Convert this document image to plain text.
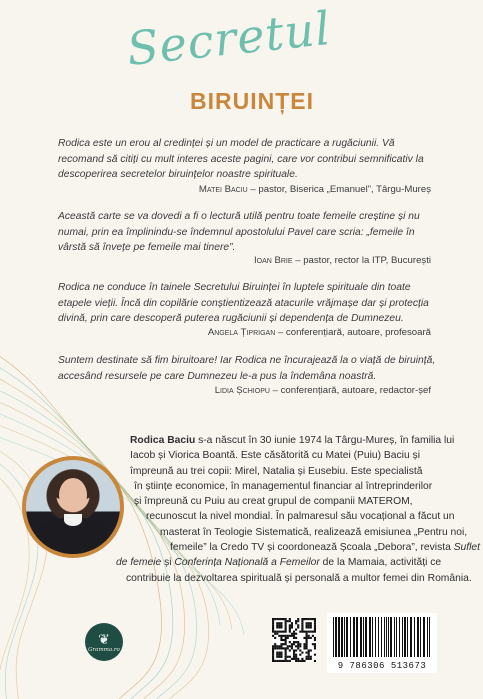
Secretul
BIRUINȚEI

Rodica este un erou al credinței și un model de practicare a rugăciunii. Vă recomand să citiți cu mult interes aceste pagini, care vor contribui semnificativ la descoperirea secretelor biruințelor noastre spirituale.

Matei Baciu – pastor, Biserica „Emanuel”, Târgu-Mureș

Această carte se va dovedi a fi o lectură utilă pentru toate femeile creștine și nu numai, prin ea împlinindu-se îndemnul apostolului Pavel care scria: „femeile în vârstă să învețe pe femeile mai tinere”.

Ioan Brie – pastor, rector la ITP, București

Rodica ne conduce în tainele Secretului Biruinței în luptele spirituale din toate etapele vieții. Încă din copilărie conștientizează atacurile vrăjmașe dar și protecția divină, prin care descoperă puterea rugăciunii și dependența de Dumnezeu.

Angela Țiprigan – conferențiară, autoare, profesoară

Suntem destinate să fim biruitoare! Iar Rodica ne încurajează la o viață de biruință, accesând resursele pe care Dumnezeu le-a pus la îndemâna noastră.

Lidia Șchiopu – conferențiară, autoare, redactor-șef
Rodica Baciu s-a născut în 30 iunie 1974 la Târgu-Mureș, în familia lui
Iacob și Viorica Boantă. Este căsătorită cu Matei (Puiu) Baciu și
împreună au trei copii: Mirel, Natalia și Eusebiu. Este specialistă
în științe economice, în managementul financiar al întreprinderilor
și împreună cu Puiu au creat grupul de companii MATEROM,
recunoscut la nivel mondial. În palmaresul său vocațional a făcut un
masterat în Teologie Sistematică, realizează emisiunea „Pentru noi,
femeile” la Credo TV și coordonează Școala „Debora”, revista Suflet
de femeie și Conferința Națională a Femeilor de la Mamaia, activități ce
contribuie la dezvoltarea spirituală și personală a multor femei din România.
❦
Gramma.ro
9 786306 513673
